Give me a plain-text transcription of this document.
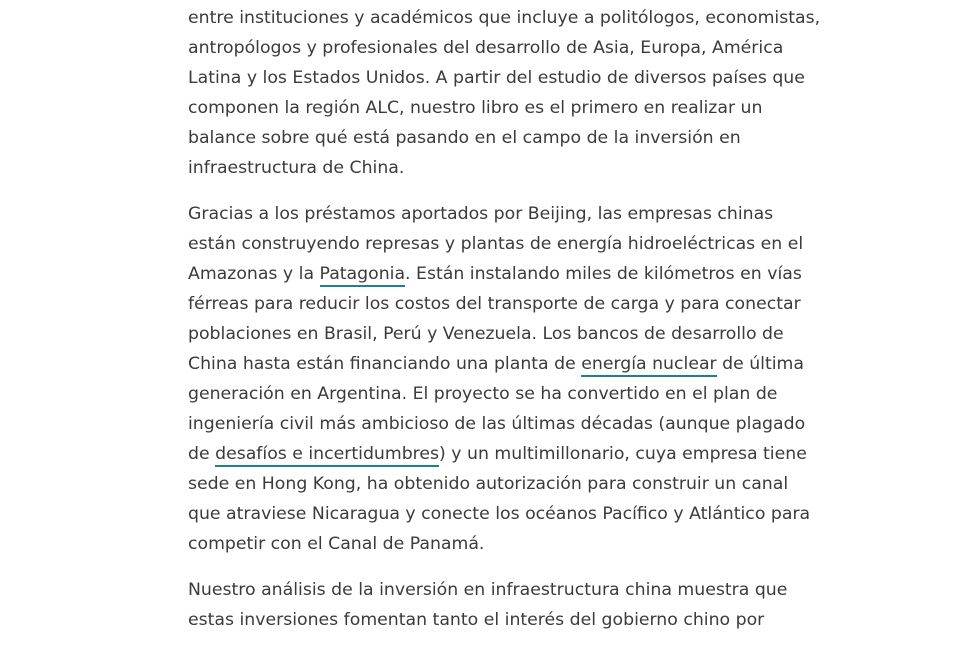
entre instituciones y académicos que incluye a politólogos, economistas,
antropólogos y profesionales del desarrollo de Asia, Europa, América
Latina y los Estados Unidos. A partir del estudio de diversos países que
componen la región ALC, nuestro libro es el primero en realizar un
balance sobre qué está pasando en el campo de la inversión en
infraestructura de China.

Gracias a los préstamos aportados por Beijing, las empresas chinas
están construyendo represas y plantas de energía hidroeléctricas en el
Amazonas y la Patagonia. Están instalando miles de kilómetros en vías
férreas para reducir los costos del transporte de carga y para conectar
poblaciones en Brasil, Perú y Venezuela. Los bancos de desarrollo de
China hasta están financiando una planta de energía nuclear de última
generación en Argentina. El proyecto se ha convertido en el plan de
ingeniería civil más ambicioso de las últimas décadas (aunque plagado
de desafíos e incertidumbres) y un multimillonario, cuya empresa tiene
sede en Hong Kong, ha obtenido autorización para construir un canal
que atraviese Nicaragua y conecte los océanos Pacífico y Atlántico para
competir con el Canal de Panamá.

Nuestro análisis de la inversión en infraestructura china muestra que
estas inversiones fomentan tanto el interés del gobierno chino por
